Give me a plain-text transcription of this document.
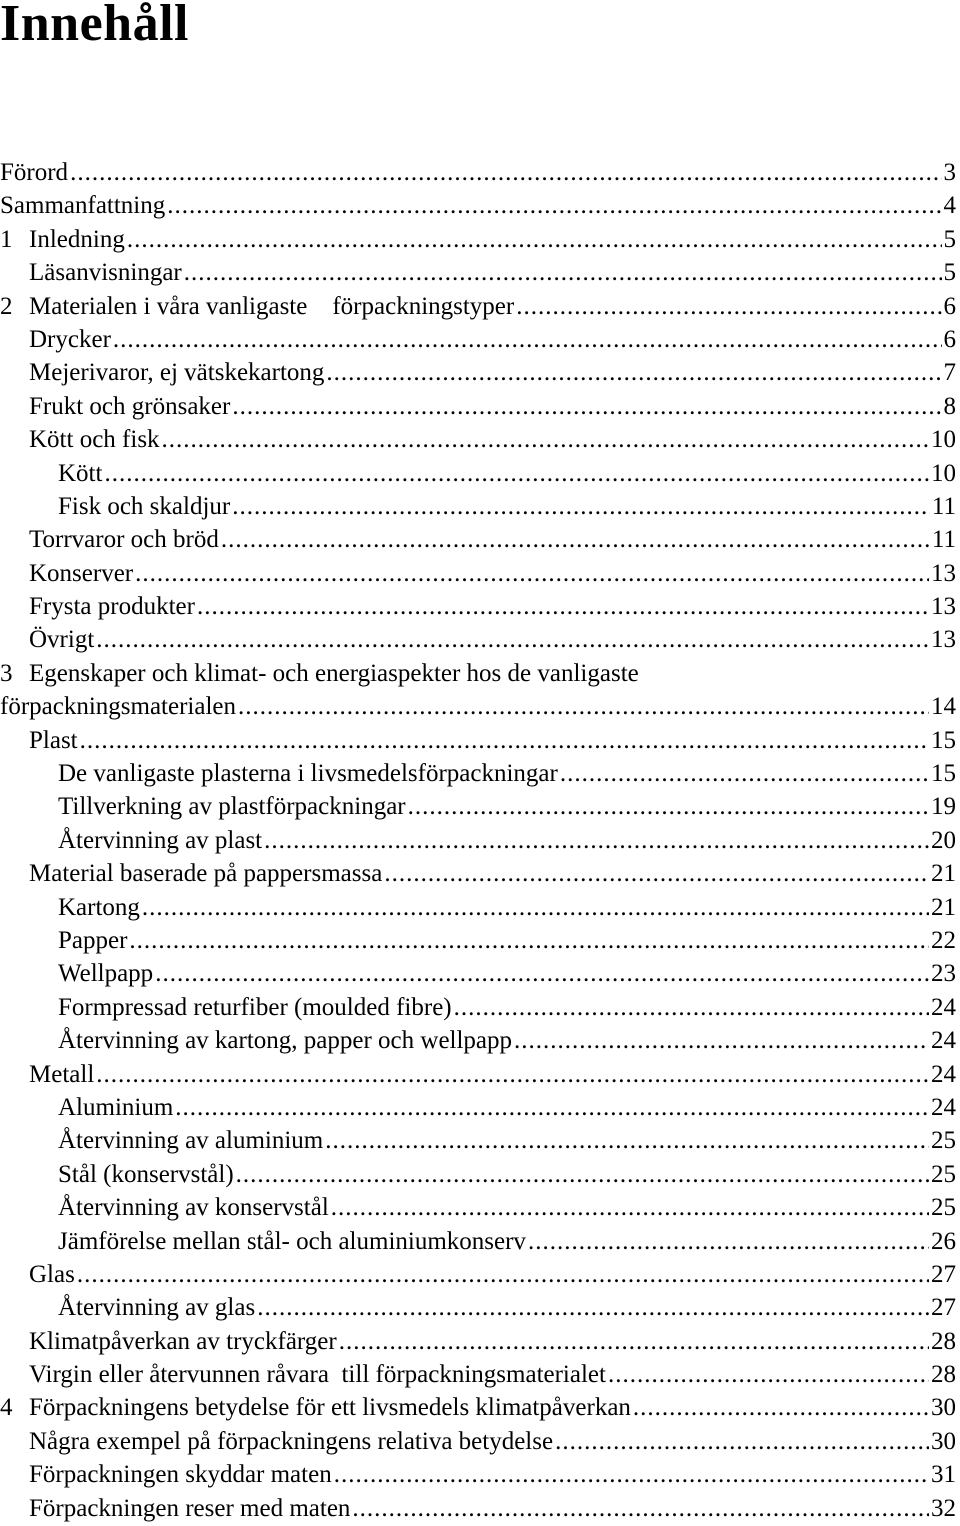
Innehåll
Förord .....	3
Sammanfattning .....	4
1 Inledning .....	5
Läsanvisningar .....	5
2 Materialen i våra vanligaste    förpackningstyper .....	6
Drycker .....	6
Mejerivaror, ej vätskekartong .....	7
Frukt och grönsaker .....	8
Kött och fisk .....	10
Kött .....	10
Fisk och skaldjur .....	11
Torrvaror och bröd .....	11
Konserver .....	13
Frysta produkter .....	13
Övrigt .....	13
3 Egenskaper och klimat- och energiaspekter hos de vanligaste
förpackningsmaterialen .....	14
Plast .....	15
De vanligaste plasterna i livsmedelsförpackningar .....	15
Tillverkning av plastförpackningar .....	19
Återvinning av plast .....	20
Material baserade på pappersmassa .....	21
Kartong .....	21
Papper .....	22
Wellpapp .....	23
Formpressad returfiber (moulded fibre) .....	24
Återvinning av kartong, papper och wellpapp .....	24
Metall .....	24
Aluminium .....	24
Återvinning av aluminium .....	25
Stål (konservstål) .....	25
Återvinning av konservstål .....	25
Jämförelse mellan stål- och aluminiumkonserv .....	26
Glas .....	27
Återvinning av glas .....	27
Klimatpåverkan av tryckfärger .....	28
Virgin eller återvunnen råvara  till förpackningsmaterialet .....	28
4 Förpackningens betydelse för ett livsmedels klimatpåverkan .....	30
Några exempel på förpackningens relativa betydelse .....	30
Förpackningen skyddar maten .....	31
Förpackningen reser med maten .....	32
